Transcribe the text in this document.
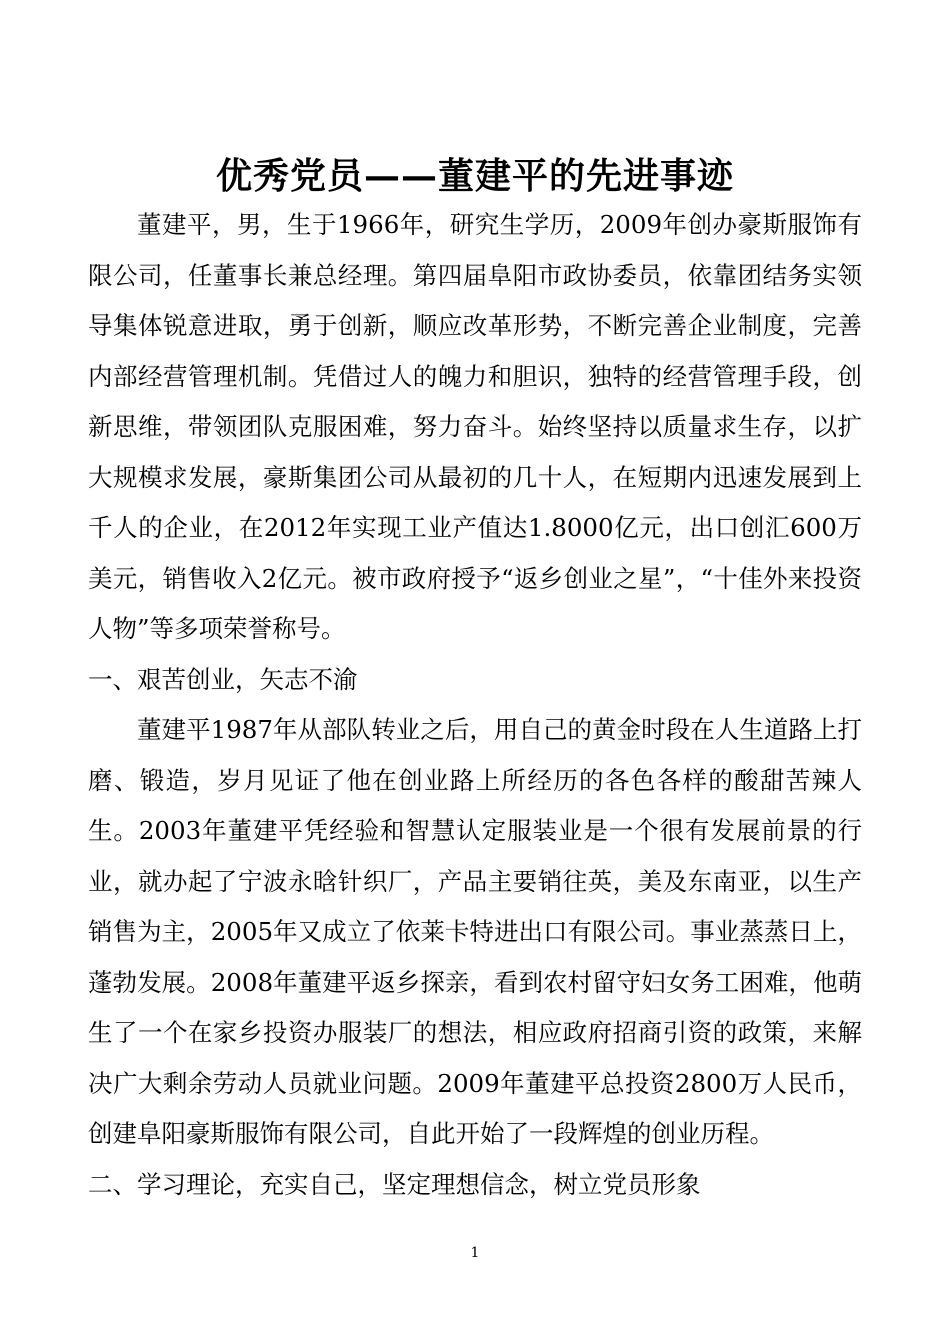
优秀党员——董建平的先进事迹

董建平，男，生于1966年，研究生学历，2009年创办豪斯服饰有限公司，任董事长兼总经理。第四届阜阳市政协委员，依靠团结务实领导集体锐意进取，勇于创新，顺应改革形势，不断完善企业制度，完善内部经营管理机制。凭借过人的魄力和胆识，独特的经营管理手段，创新思维，带领团队克服困难，努力奋斗。始终坚持以质量求生存，以扩大规模求发展，豪斯集团公司从最初的几十人，在短期内迅速发展到上千人的企业，在2012年实现工业产值达1.8000亿元，出口创汇600万美元，销售收入2亿元。被市政府授予“返乡创业之星”，“十佳外来投资人物”等多项荣誉称号。

一、艰苦创业，矢志不渝

董建平1987年从部队转业之后，用自己的黄金时段在人生道路上打磨、锻造，岁月见证了他在创业路上所经历的各色各样的酸甜苦辣人生。2003年董建平凭经验和智慧认定服装业是一个很有发展前景的行业，就办起了宁波永晗针织厂，产品主要销往英，美及东南亚，以生产销售为主，2005年又成立了依莱卡特进出口有限公司。事业蒸蒸日上，蓬勃发展。2008年董建平返乡探亲，看到农村留守妇女务工困难，他萌生了一个在家乡投资办服装厂的想法，相应政府招商引资的政策，来解决广大剩余劳动人员就业问题。2009年董建平总投资2800万人民币，创建阜阳豪斯服饰有限公司，自此开始了一段辉煌的创业历程。

二、学习理论，充实自己，坚定理想信念，树立党员形象

1
